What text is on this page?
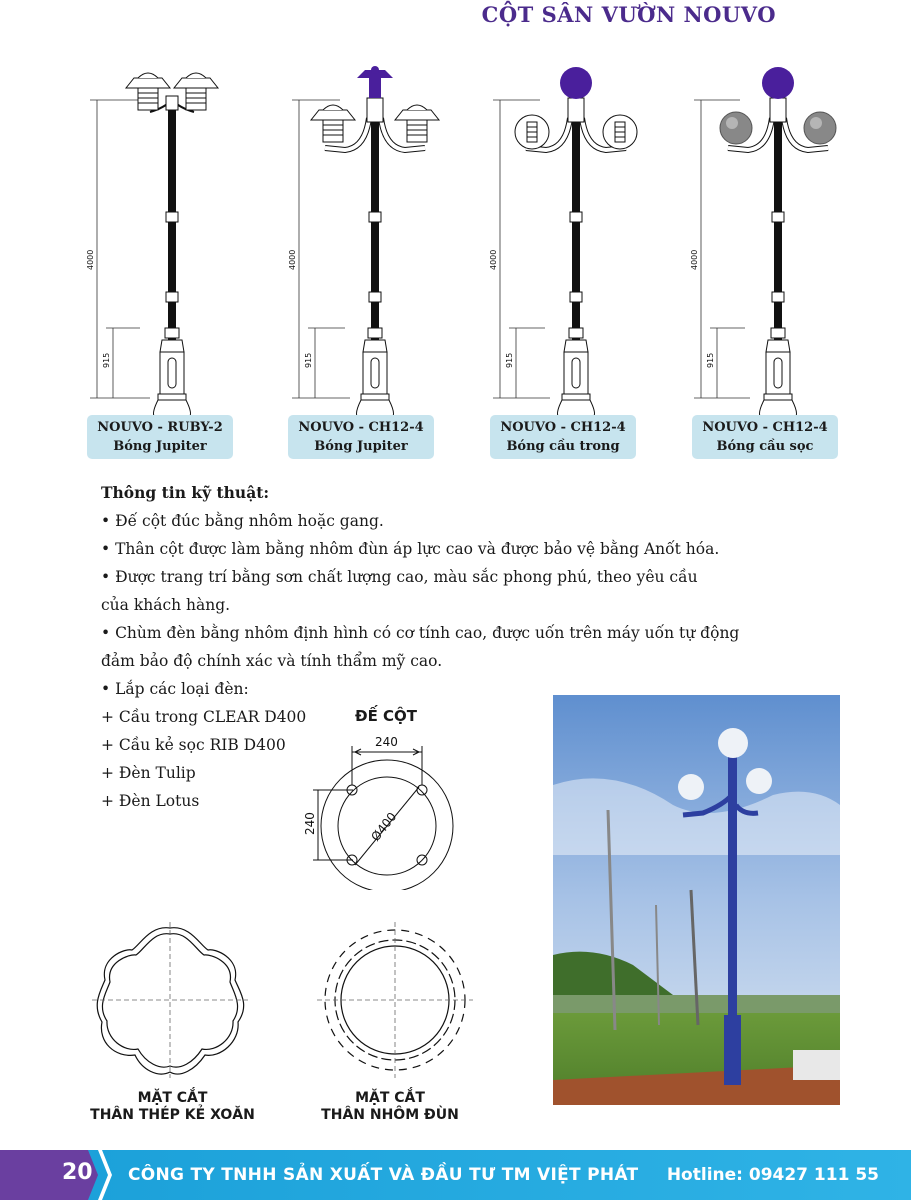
CỘT SÂN VƯỜN NOUVO
4000
915
4000
915
4000
915
4000
915
NOUVO - RUBY-2
Bóng Jupiter
NOUVO - CH12-4
Bóng Jupiter
NOUVO - CH12-4
Bóng cầu trong
NOUVO - CH12-4
Bóng cầu sọc
Thông tin kỹ thuật:
• Đế cột đúc bằng nhôm hoặc gang.
• Thân cột được làm bằng nhôm đùn áp lực cao và được bảo vệ bằng Anốt hóa.
• Được trang trí bằng sơn chất lượng cao, màu sắc phong phú, theo yêu cầu
của khách hàng.
• Chùm đèn bằng nhôm định hình có cơ tính cao, được uốn trên máy uốn tự động
đảm bảo độ chính xác và tính thẩm mỹ cao.
• Lắp các loại đèn:
+ Cầu trong CLEAR D400
+ Cầu kẻ sọc RIB D400
+ Đèn Tulip
+ Đèn Lotus
ĐẾ CỘT
240
240	Ø400
MẶT CẮT
THÂN THÉP KẺ XOĂN
MẶT CẮT
THÂN NHÔM ĐÙN
20 CÔNG TY TNHH SẢN XUẤT VÀ ĐẦU TƯ TM VIỆT PHÁT Hotline: 09427 111 55
